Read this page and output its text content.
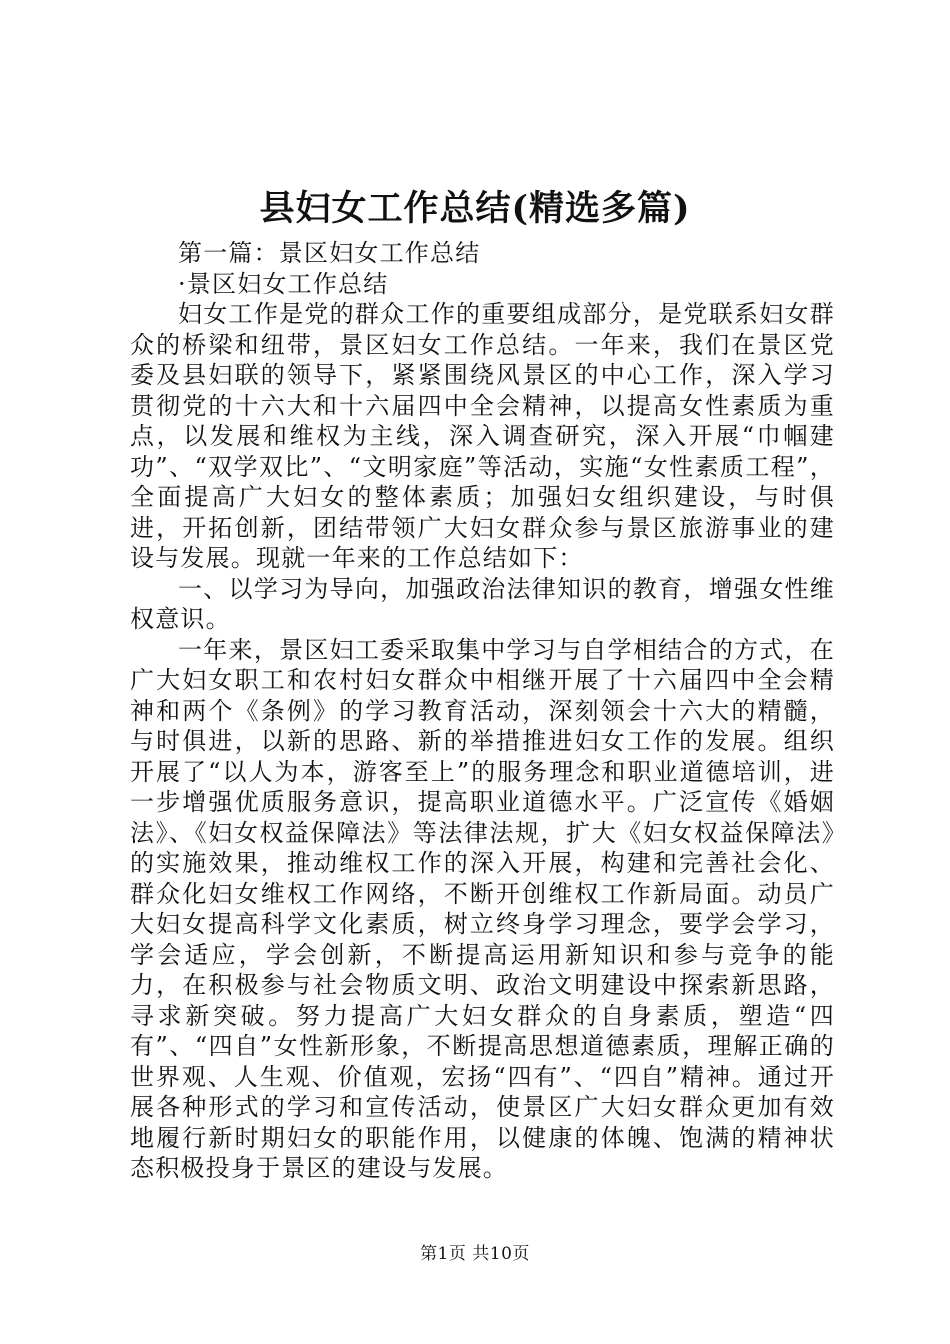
县妇女工作总结(精选多篇)

第一篇：景区妇女工作总结

·景区妇女工作总结

妇女工作是党的群众工作的重要组成部分，是党联系妇女群众的桥梁和纽带，景区妇女工作总结。一年来，我们在景区党委及县妇联的领导下，紧紧围绕风景区的中心工作，深入学习贯彻党的十六大和十六届四中全会精神，以提高女性素质为重点，以发展和维权为主线，深入调查研究，深入开展“巾帼建功”、“双学双比”、“文明家庭”等活动，实施“女性素质工程”，全面提高广大妇女的整体素质；加强妇女组织建设，与时俱进，开拓创新，团结带领广大妇女群众参与景区旅游事业的建设与发展。现就一年来的工作总结如下：

一、以学习为导向，加强政治法律知识的教育，增强女性维权意识。

一年来，景区妇工委采取集中学习与自学相结合的方式，在广大妇女职工和农村妇女群众中相继开展了十六届四中全会精神和两个《条例》的学习教育活动，深刻领会十六大的精髓，与时俱进，以新的思路、新的举措推进妇女工作的发展。组织开展了“以人为本，游客至上”的服务理念和职业道德培训，进一步增强优质服务意识，提高职业道德水平。广泛宣传《婚姻法》、《妇女权益保障法》等法律法规，扩大《妇女权益保障法》的实施效果，推动维权工作的深入开展，构建和完善社会化、群众化妇女维权工作网络，不断开创维权工作新局面。动员广大妇女提高科学文化素质，树立终身学习理念，要学会学习，学会适应，学会创新，不断提高运用新知识和参与竞争的能力，在积极参与社会物质文明、政治文明建设中探索新思路，寻求新突破。努力提高广大妇女群众的自身素质，塑造“四有”、“四自”女性新形象，不断提高思想道德素质，理解正确的世界观、人生观、价值观，宏扬“四有”、“四自”精神。通过开展各种形式的学习和宣传活动，使景区广大妇女群众更加有效地履行新时期妇女的职能作用，以健康的体魄、饱满的精神状态积极投身于景区的建设与发展。

第1页 共10页
